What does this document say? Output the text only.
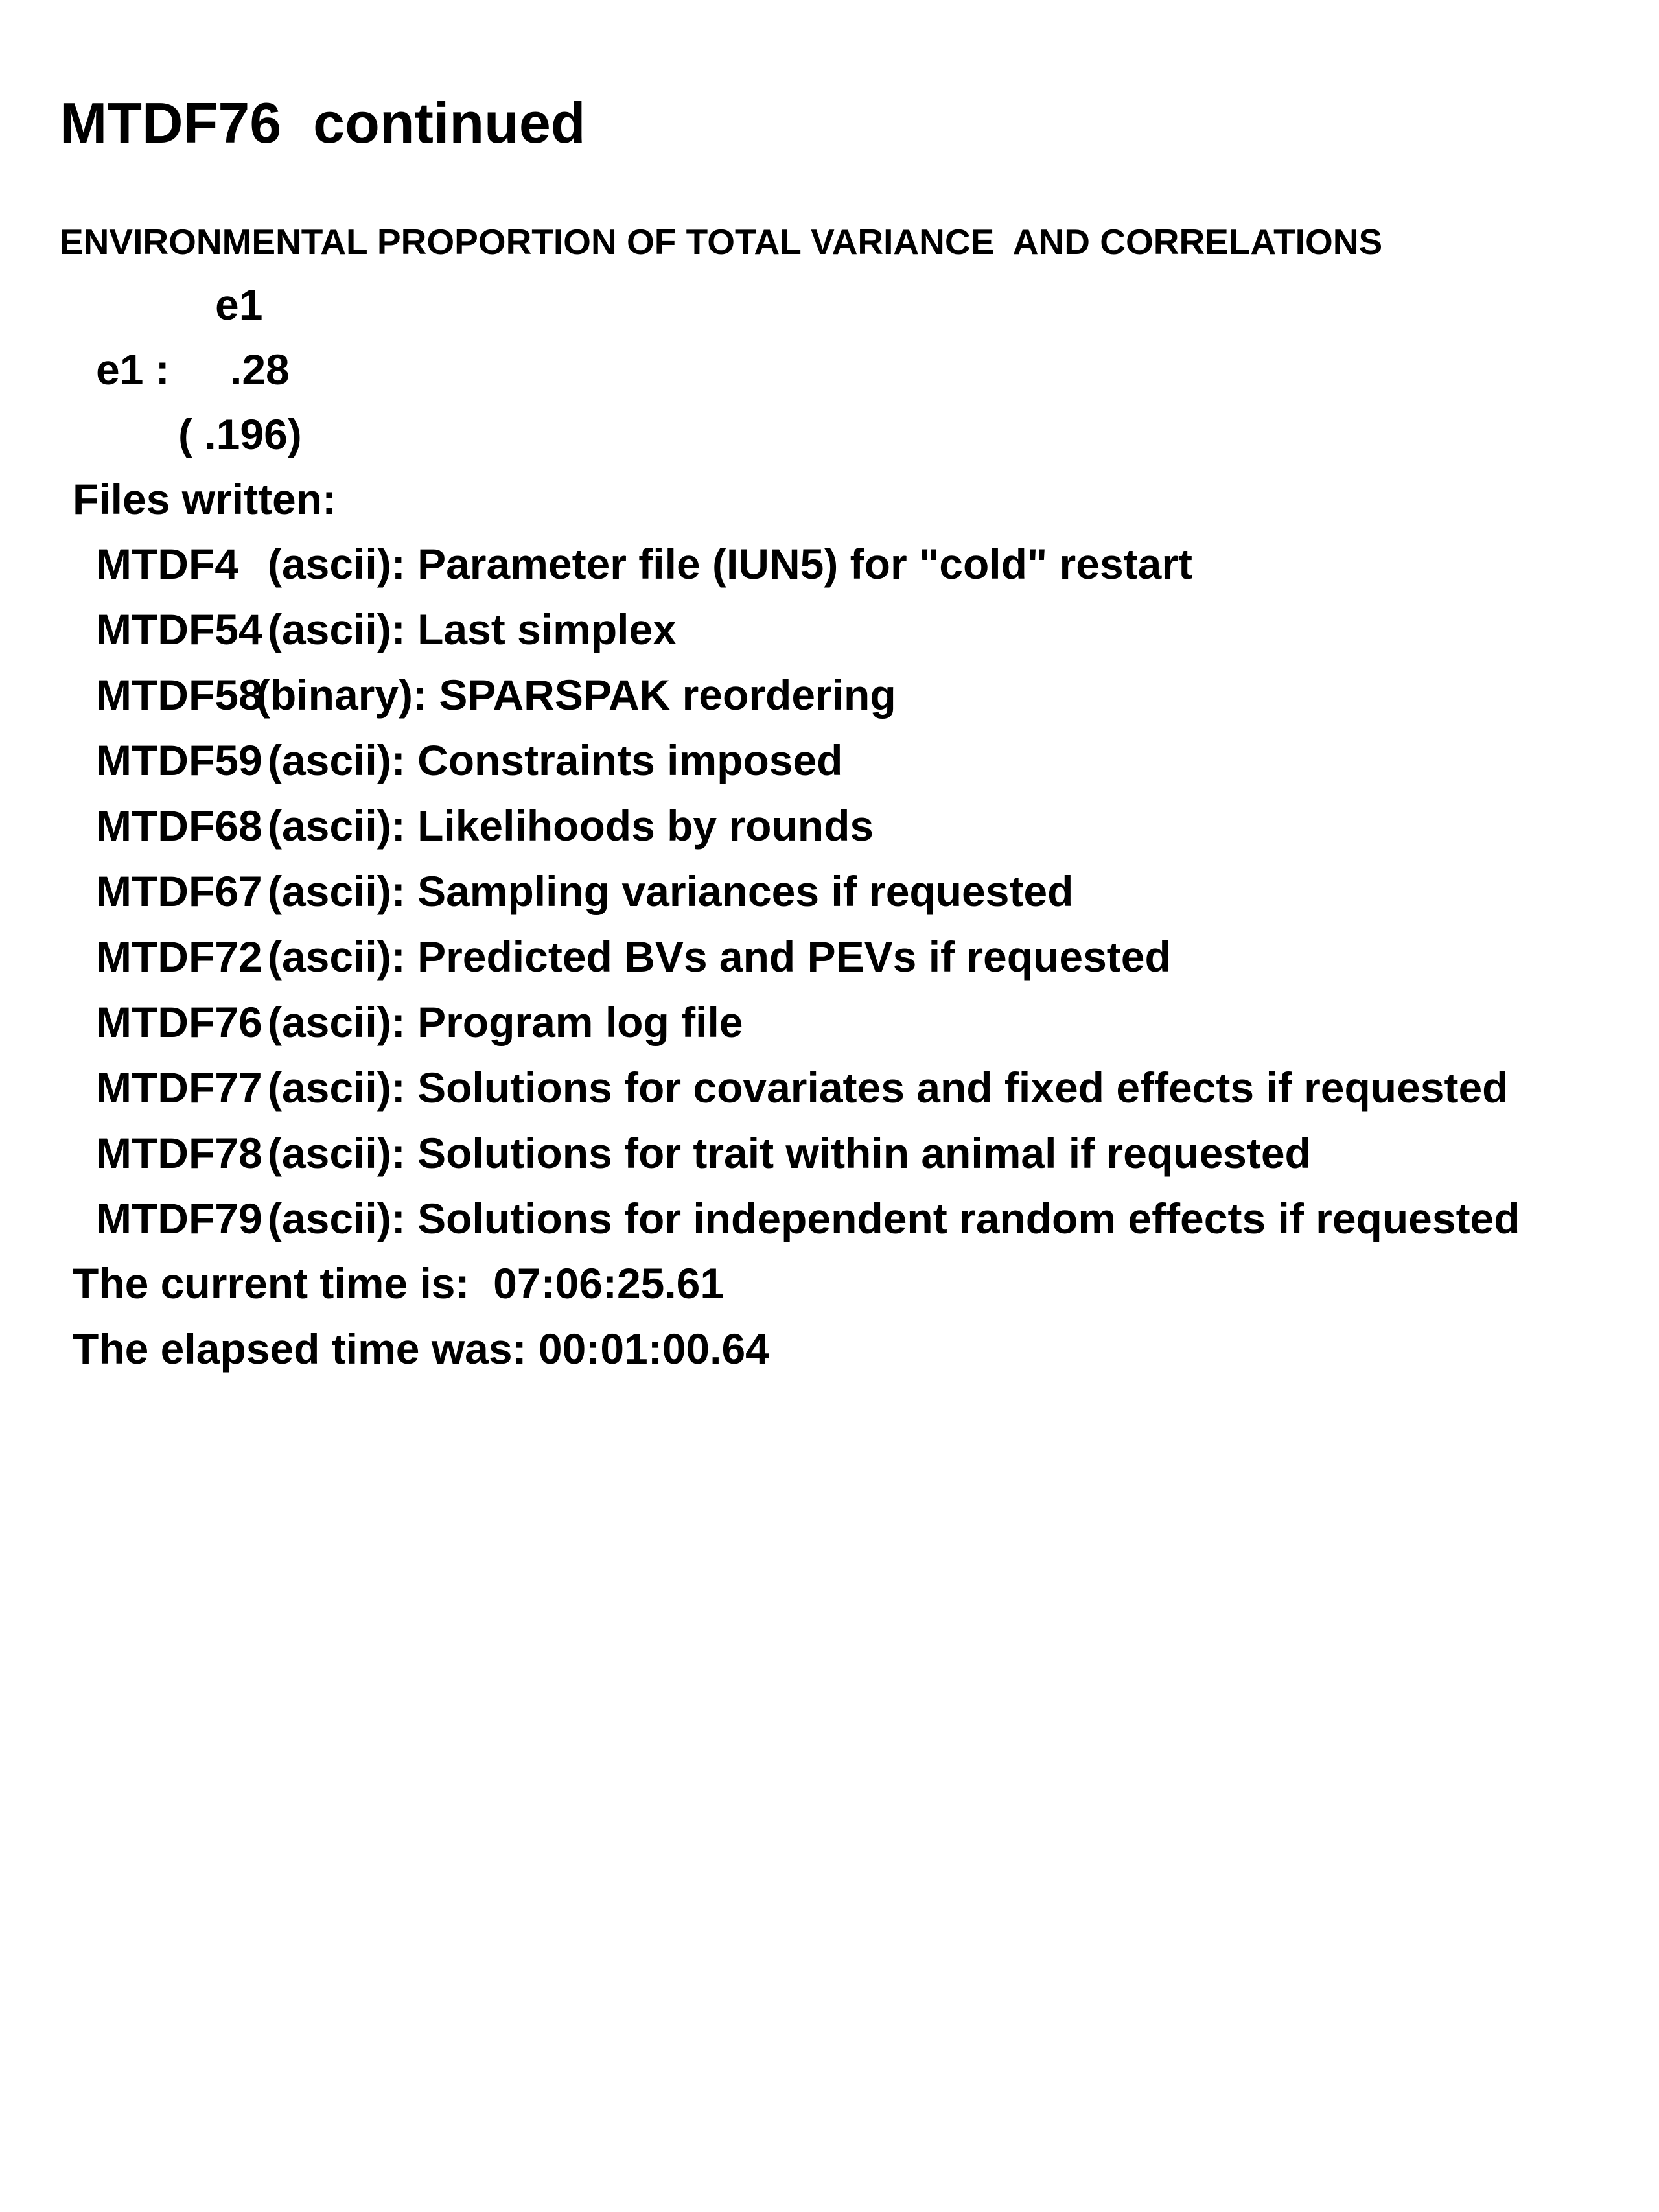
MTDF76  continued
ENVIRONMENTAL PROPORTION OF TOTAL VARIANCE  AND CORRELATIONS
e1
e1 : .28
( .196)
Files written:
MTDF4 (ascii): Parameter file (IUN5) for "cold" restart
MTDF54 (ascii): Last simplex
MTDF58(binary): SPARSPAK reordering
MTDF59 (ascii): Constraints imposed
MTDF68 (ascii): Likelihoods by rounds
MTDF67 (ascii): Sampling variances if requested
MTDF72 (ascii): Predicted BVs and PEVs if requested
MTDF76 (ascii): Program log file
MTDF77 (ascii): Solutions for covariates and fixed effects if requested
MTDF78 (ascii): Solutions for trait within animal if requested
MTDF79 (ascii): Solutions for independent random effects if requested
The current time is: 07:06:25.61
The elapsed time was: 00:01:00.64
